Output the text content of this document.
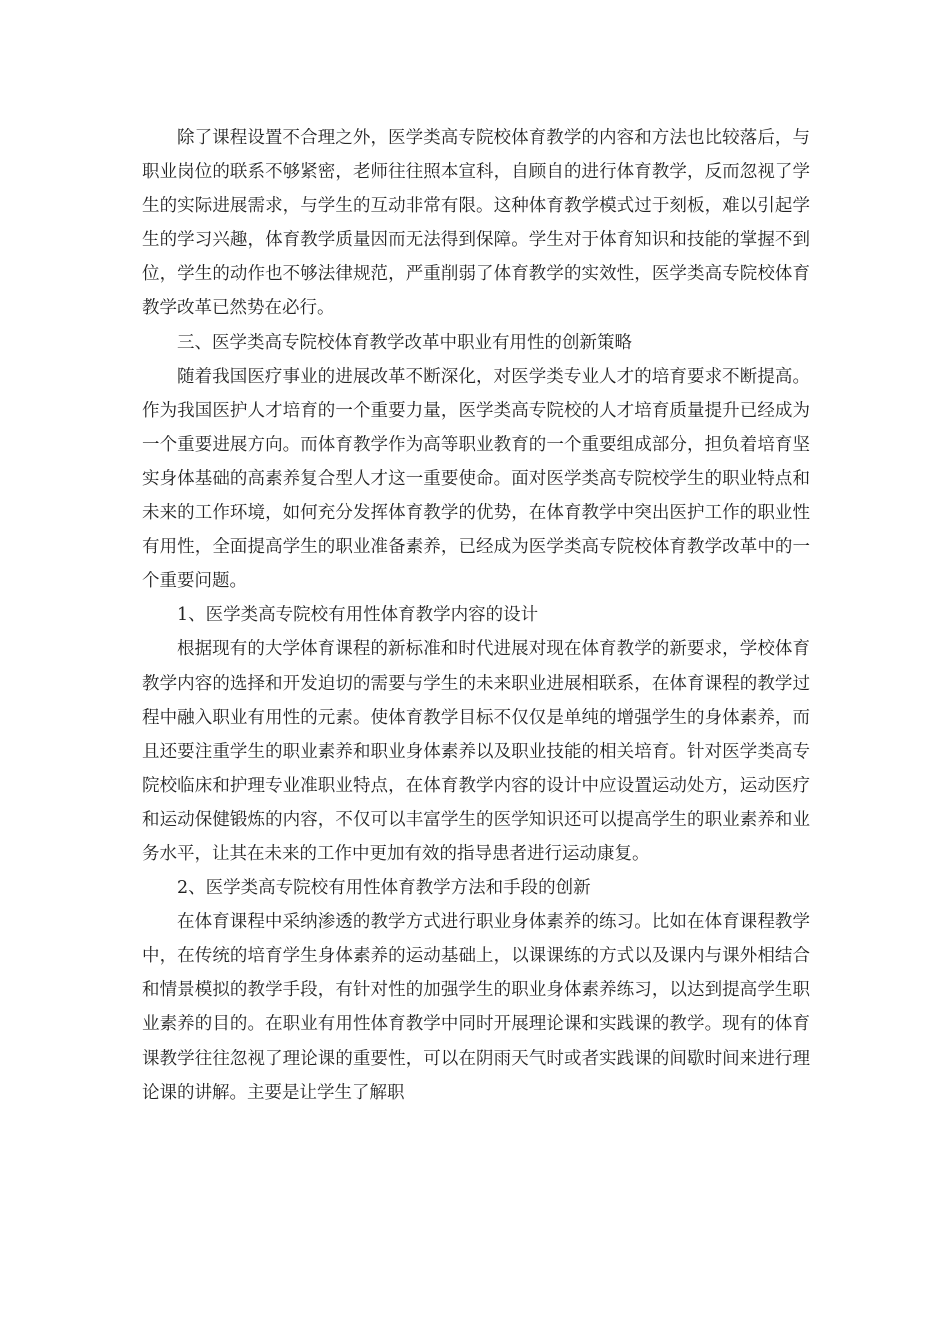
除了课程设置不合理之外，医学类高专院校体育教学的内容和方法也比较落后，与职业岗位的联系不够紧密，老师往往照本宣科，自顾自的进行体育教学，反而忽视了学生的实际进展需求，与学生的互动非常有限。这种体育教学模式过于刻板，难以引起学生的学习兴趣，体育教学质量因而无法得到保障。学生对于体育知识和技能的掌握不到位，学生的动作也不够法律规范，严重削弱了体育教学的实效性，医学类高专院校体育教学改革已然势在必行。

三、医学类高专院校体育教学改革中职业有用性的创新策略

随着我国医疗事业的进展改革不断深化，对医学类专业人才的培育要求不断提高。作为我国医护人才培育的一个重要力量，医学类高专院校的人才培育质量提升已经成为一个重要进展方向。而体育教学作为高等职业教育的一个重要组成部分，担负着培育坚实身体基础的高素养复合型人才这一重要使命。面对医学类高专院校学生的职业特点和未来的工作环境，如何充分发挥体育教学的优势，在体育教学中突出医护工作的职业性有用性，全面提高学生的职业准备素养，已经成为医学类高专院校体育教学改革中的一个重要问题。

1、医学类高专院校有用性体育教学内容的设计

根据现有的大学体育课程的新标准和时代进展对现在体育教学的新要求，学校体育教学内容的选择和开发迫切的需要与学生的未来职业进展相联系，在体育课程的教学过程中融入职业有用性的元素。使体育教学目标不仅仅是单纯的增强学生的身体素养，而且还要注重学生的职业素养和职业身体素养以及职业技能的相关培育。针对医学类高专院校临床和护理专业准职业特点，在体育教学内容的设计中应设置运动处方，运动医疗和运动保健锻炼的内容，不仅可以丰富学生的医学知识还可以提高学生的职业素养和业务水平，让其在未来的工作中更加有效的指导患者进行运动康复。

2、医学类高专院校有用性体育教学方法和手段的创新

在体育课程中采纳渗透的教学方式进行职业身体素养的练习。比如在体育课程教学中，在传统的培育学生身体素养的运动基础上，以课课练的方式以及课内与课外相结合和情景模拟的教学手段，有针对性的加强学生的职业身体素养练习，以达到提高学生职业素养的目的。在职业有用性体育教学中同时开展理论课和实践课的教学。现有的体育课教学往往忽视了理论课的重要性，可以在阴雨天气时或者实践课的间歇时间来进行理论课的讲解。主要是让学生了解职
